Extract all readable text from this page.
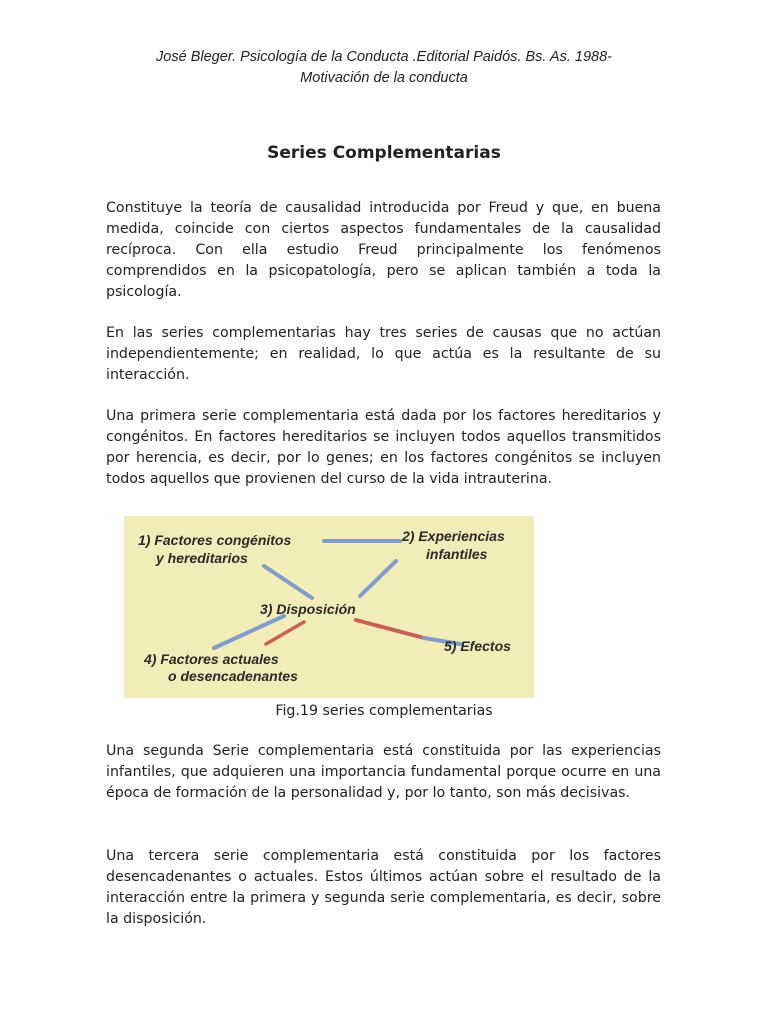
José Bleger. Psicología de la Conducta .Editorial Paidós. Bs. As. 1988-
Motivación de la conducta
Series Complementarias
Constituye la teoría de causalidad introducida por Freud y que, en buena medida, coincide con ciertos aspectos fundamentales de la causalidad recíproca. Con ella estudio Freud principalmente los fenómenos comprendidos en la psicopatología, pero se aplican también a toda la psicología.
En las series complementarias hay tres series de causas que no actúan independientemente; en realidad, lo que actúa es la resultante de su interacción.
Una primera serie complementaria está dada por los factores hereditarios y congénitos. En factores hereditarios se incluyen todos aquellos transmitidos por herencia, es decir, por lo genes; en los factores congénitos se incluyen todos aquellos que provienen del curso de la vida intrauterina.
1) Factores congénitos
y hereditarios
2) Experiencias
infantiles
3) Disposición
4) Factores actuales
o desencadenantes
5) Efectos
Fig.19 series complementarias
Una segunda Serie complementaria está constituida por las experiencias infantiles, que adquieren una importancia fundamental porque ocurre en una época de formación de la personalidad y, por lo tanto, son más decisivas.
Una tercera serie complementaria está constituida por los factores desencadenantes o actuales. Estos últimos actúan sobre el resultado de la interacción entre la primera y segunda serie complementaria, es decir, sobre la disposición.
